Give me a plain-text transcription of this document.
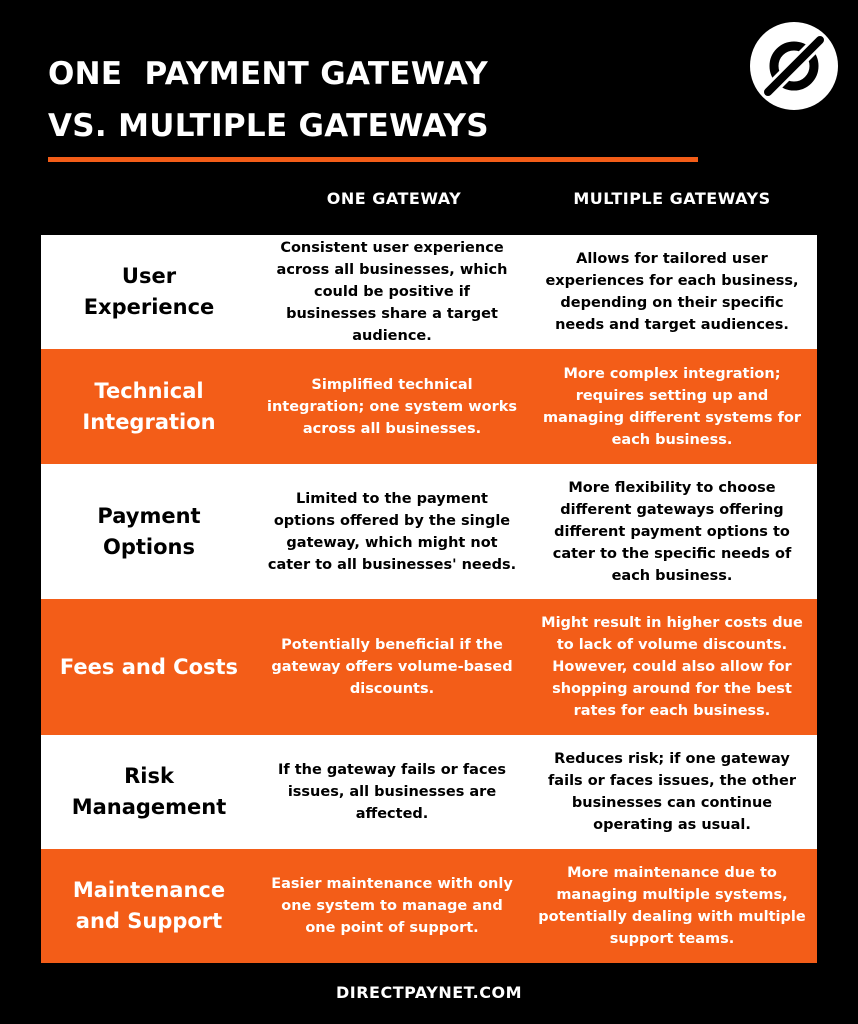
ONE  PAYMENT GATEWAY
VS. MULTIPLE GATEWAYS
ONE GATEWAY	MULTIPLE GATEWAYS
User Experience
Consistent user experience across all businesses, which could be positive if businesses share a target audience.
Allows for tailored user experiences for each business, depending on their specific needs and target audiences.
Technical Integration
Simplified technical integration; one system works across all businesses.
More complex integration; requires setting up and managing different systems for each business.
Payment Options
Limited to the payment options offered by the single gateway, which might not cater to all businesses' needs.
More flexibility to choose different gateways offering different payment options to cater to the specific needs of each business.
Fees and Costs
Potentially beneficial if the gateway offers volume-based discounts.
Might result in higher costs due to lack of volume discounts. However, could also allow for shopping around for the best rates for each business.
Risk Management
If the gateway fails or faces issues, all businesses are affected.
Reduces risk; if one gateway fails or faces issues, the other businesses can continue operating as usual.
Maintenance and Support
Easier maintenance with only one system to manage and one point of support.
More maintenance due to managing multiple systems, potentially dealing with multiple support teams.
DIRECTPAYNET.COM
